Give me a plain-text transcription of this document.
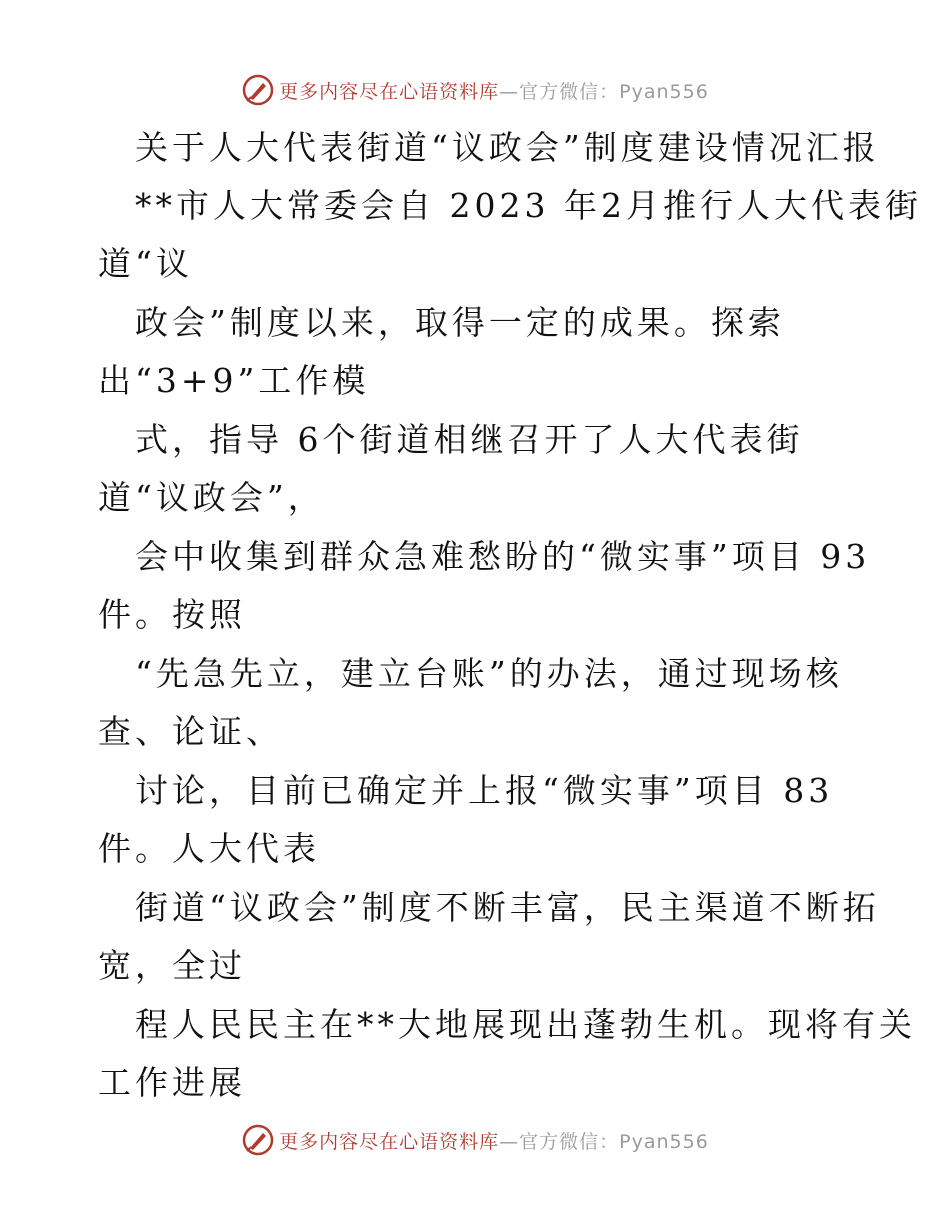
更多内容尽在心语资料库—官方微信：Pyan556
关于人大代表街道“议政会”制度建设情况汇报
**市人大常委会自 2023 年2月推行人大代表街
道“议
政会”制度以来，取得一定的成果。探索
出“3+9”工作模
式，指导 6个街道相继召开了人大代表街
道“议政会”，
会中收集到群众急难愁盼的“微实事”项目 93
件。按照
“先急先立，建立台账”的办法，通过现场核
查、论证、
讨论，目前已确定并上报“微实事”项目 83
件。人大代表
街道“议政会”制度不断丰富，民主渠道不断拓
宽，全过
程人民民主在**大地展现出蓬勃生机。现将有关
工作进展
更多内容尽在心语资料库—官方微信：Pyan556
